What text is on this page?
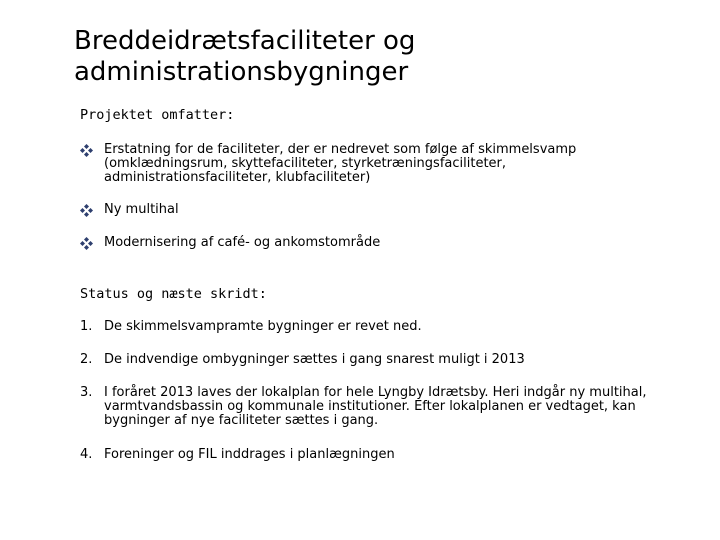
Breddeidrætsfaciliteter og administrationsbygninger
Projektet omfatter:
Erstatning for de faciliteter, der er nedrevet som følge af skimmelsvamp (omklædningsrum, skyttefaciliteter, styrketræningsfaciliteter, administrationsfaciliteter, klubfaciliteter)
Ny multihal
Modernisering af café- og ankomstområde
Status og næste skridt:
1. De skimmelsvampramte bygninger er revet ned.
2. De indvendige ombygninger sættes i gang snarest muligt i 2013
3. I foråret 2013 laves der lokalplan for hele Lyngby Idrætsby. Heri indgår ny multihal, varmtvandsbassin og kommunale institutioner. Efter lokalplanen er vedtaget, kan bygninger af nye faciliteter sættes i gang.
4. Foreninger og FIL inddrages i planlægningen
